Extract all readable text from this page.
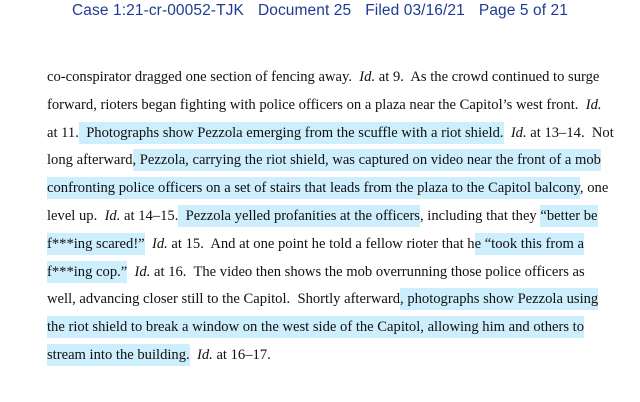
Case 1:21-cr-00052-TJK Document 25 Filed 03/16/21 Page 5 of 21
co-conspirator dragged one section of fencing away.  Id. at 9.  As the crowd continued to surge
forward, rioters began fighting with police officers on a plaza near the Capitol’s west front.  Id.
at 11.  Photographs show Pezzola emerging from the scuffle with a riot shield. Id. at 13–14.  Not
long afterward, Pezzola, carrying the riot shield, was captured on video near the front of a mob
confronting police officers on a set of stairs that leads from the plaza to the Capitol balcony, one
level up.  Id. at 14–15.  Pezzola yelled profanities at the officers, including that they “better be
f***ing scared!” Id. at 15.  And at one point he told a fellow rioter that he “took this from a
f***ing cop.” Id. at 16.  The video then shows the mob overrunning those police officers as
well, advancing closer still to the Capitol.  Shortly afterward, photographs show Pezzola using
the riot shield to break a window on the west side of the Capitol, allowing him and others to
stream into the building. Id. at 16–17.
